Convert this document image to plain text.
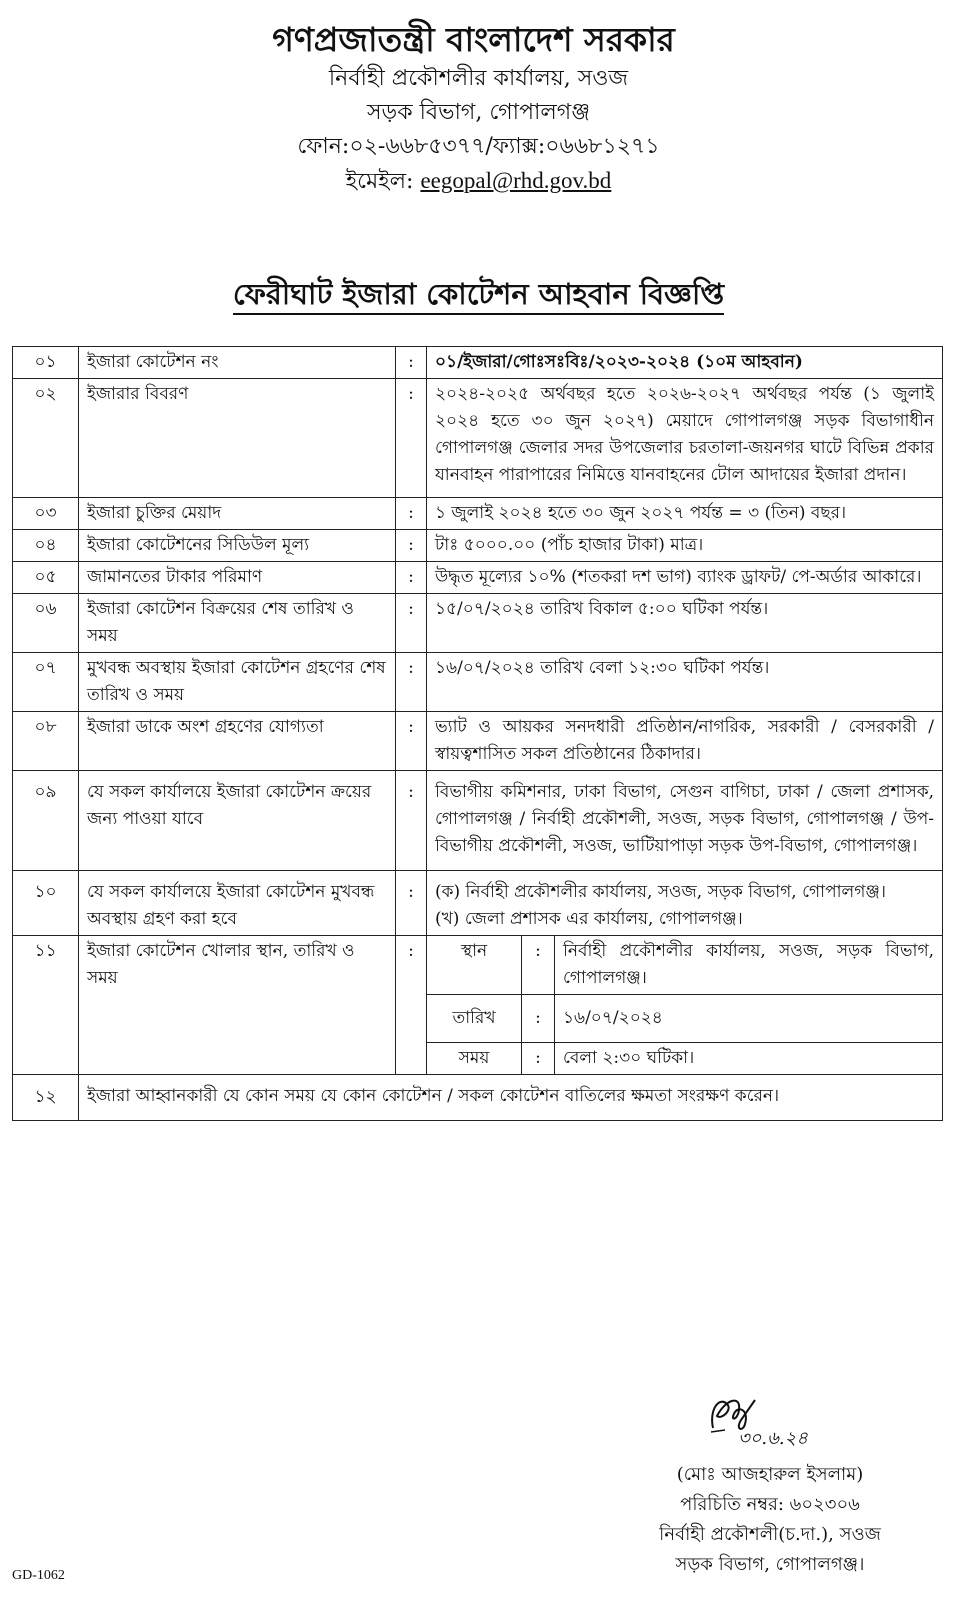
গণপ্রজাতন্ত্রী বাংলাদেশ সরকার
নির্বাহী প্রকৌশলীর কার্যালয়, সওজ
সড়ক বিভাগ, গোপালগঞ্জ
ফোন:০২-৬৬৮৫৩৭৭/ফ্যাক্স:০৬৬৮১২৭১
ইমেইল: eegopal@rhd.gov.bd
ফেরীঘাট ইজারা কোটেশন আহবান বিজ্ঞপ্তি
০১	ইজারা কোটেশন নং	:	০১/ইজারা/গোঃসঃবিঃ/২০২৩-২০২৪ (১০ম আহবান)
০২	ইজারার বিবরণ	:	২০২৪-২০২৫ অর্থবছর হতে ২০২৬-২০২৭ অর্থবছর পর্যন্ত (১ জুলাই ২০২৪ হতে ৩০ জুন ২০২৭) মেয়াদে গোপালগঞ্জ সড়ক বিভাগাধীন গোপালগঞ্জ জেলার সদর উপজেলার চরতালা-জয়নগর ঘাটে বিভিন্ন প্রকার যানবাহন পারাপারের নিমিত্তে যানবাহনের টোল আদায়ের ইজারা প্রদান।
০৩	ইজারা চুক্তির মেয়াদ	:	১ জুলাই ২০২৪ হতে ৩০ জুন ২০২৭ পর্যন্ত = ৩ (তিন) বছর।
০৪	ইজারা কোটেশনের সিডিউল মূল্য	:	টাঃ ৫০০০.০০ (পাঁচ হাজার টাকা) মাত্র।
০৫	জামানতের টাকার পরিমাণ	:	উদ্ধৃত মূল্যের ১০% (শতকরা দশ ভাগ) ব্যাংক ড্রাফট/ পে-অর্ডার আকারে।
০৬	ইজারা কোটেশন বিক্রয়ের শেষ তারিখ ও সময়	:	১৫/০৭/২০২৪ তারিখ বিকাল ৫:০০ ঘটিকা পর্যন্ত।
০৭	মুখবন্ধ অবস্থায় ইজারা কোটেশন গ্রহণের শেষ তারিখ ও সময়	:	১৬/০৭/২০২৪ তারিখ বেলা ১২:৩০ ঘটিকা পর্যন্ত।
০৮	ইজারা ডাকে অংশ গ্রহণের যোগ্যতা	:	ভ্যাট ও আয়কর সনদধারী প্রতিষ্ঠান/নাগরিক, সরকারী / বেসরকারী / স্বায়ত্বশাসিত সকল প্রতিষ্ঠানের ঠিকাদার।
০৯	যে সকল কার্যালয়ে ইজারা কোটেশন ক্রয়ের জন্য পাওয়া যাবে	:	বিভাগীয় কমিশনার, ঢাকা বিভাগ, সেগুন বাগিচা, ঢাকা / জেলা প্রশাসক, গোপালগঞ্জ / নির্বাহী প্রকৌশলী, সওজ, সড়ক বিভাগ, গোপালগঞ্জ / উপ-বিভাগীয় প্রকৌশলী, সওজ, ভাটিয়াপাড়া সড়ক উপ-বিভাগ, গোপালগঞ্জ।
১০	যে সকল কার্যালয়ে ইজারা কোটেশন মুখবন্ধ অবস্থায় গ্রহণ করা হবে	:	(ক) নির্বাহী প্রকৌশলীর কার্যালয়, সওজ, সড়ক বিভাগ, গোপালগঞ্জ।
(খ) জেলা প্রশাসক এর কার্যালয়, গোপালগঞ্জ।

১১	ইজারা কোটেশন খোলার স্থান, তারিখ ও সময়	:		স্থান	:	নির্বাহী প্রকৌশলীর কার্যালয়, সওজ, সড়ক বিভাগ, গোপালগঞ্জ।
তারিখ	:	১৬/০৭/২০২৪
সময়	:	বেলা ২:৩০ ঘটিকা।

১২	ইজারা আহ্বানকারী যে কোন সময় যে কোন কোটেশন / সকল কোটেশন বাতিলের ক্ষমতা সংরক্ষণ করেন।
৩০.৬.২৪
(মোঃ আজহারুল ইসলাম)
পরিচিতি নম্বর: ৬০২৩০৬
নির্বাহী প্রকৌশলী(চ.দা.), সওজ
সড়ক বিভাগ, গোপালগঞ্জ।
GD-1062
